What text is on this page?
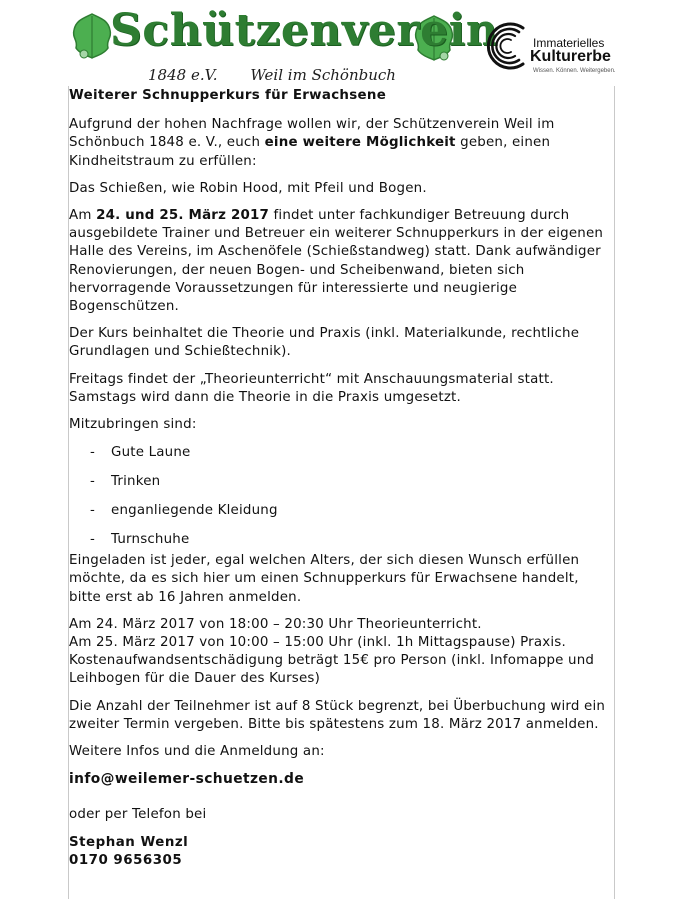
Schützenverein
1848 e.V. Weil im Schönbuch
Immaterielles
Kulturerbe
Wissen. Können. Weitergeben.

Weiterer Schnupperkurs für Erwachsene

Aufgrund der hohen Nachfrage wollen wir, der Schützenverein Weil im Schönbuch 1848 e. V., euch eine weitere Möglichkeit geben, einen Kindheitstraum zu erfüllen:

Das Schießen, wie Robin Hood, mit Pfeil und Bogen.

Am 24. und 25. März 2017 findet unter fachkundiger Betreuung durch ausgebildete Trainer und Betreuer ein weiterer Schnupperkurs in der eigenen Halle des Vereins, im Aschenöfele (Schießstandweg) statt. Dank aufwändiger Renovierungen, der neuen Bogen- und Scheibenwand, bieten sich hervorragende Voraussetzungen für interessierte und neugierige Bogenschützen.

Der Kurs beinhaltet die Theorie und Praxis (inkl. Materialkunde, rechtliche Grundlagen und Schießtechnik).

Freitags findet der „Theorieunterricht“ mit Anschauungsmaterial statt.
Samstags wird dann die Theorie in die Praxis umgesetzt.

Mitzubringen sind:

- Gute Laune
- Trinken
- enganliegende Kleidung
- Turnschuhe

Eingeladen ist jeder, egal welchen Alters, der sich diesen Wunsch erfüllen möchte, da es sich hier um einen Schnupperkurs für Erwachsene handelt, bitte erst ab 16 Jahren anmelden.

Am 24. März 2017 von 18:00 – 20:30 Uhr Theorieunterricht.
Am 25. März 2017 von 10:00 – 15:00 Uhr (inkl. 1h Mittagspause) Praxis.
Kostenaufwandsentschädigung beträgt 15€ pro Person (inkl. Infomappe und Leihbogen für die Dauer des Kurses)

Die Anzahl der Teilnehmer ist auf 8 Stück begrenzt, bei Überbuchung wird ein zweiter Termin vergeben. Bitte bis spätestens zum 18. März 2017 anmelden.

Weitere Infos und die Anmeldung an:

info@weilemer-schuetzen.de

oder per Telefon bei

Stephan Wenzl

0170 9656305
